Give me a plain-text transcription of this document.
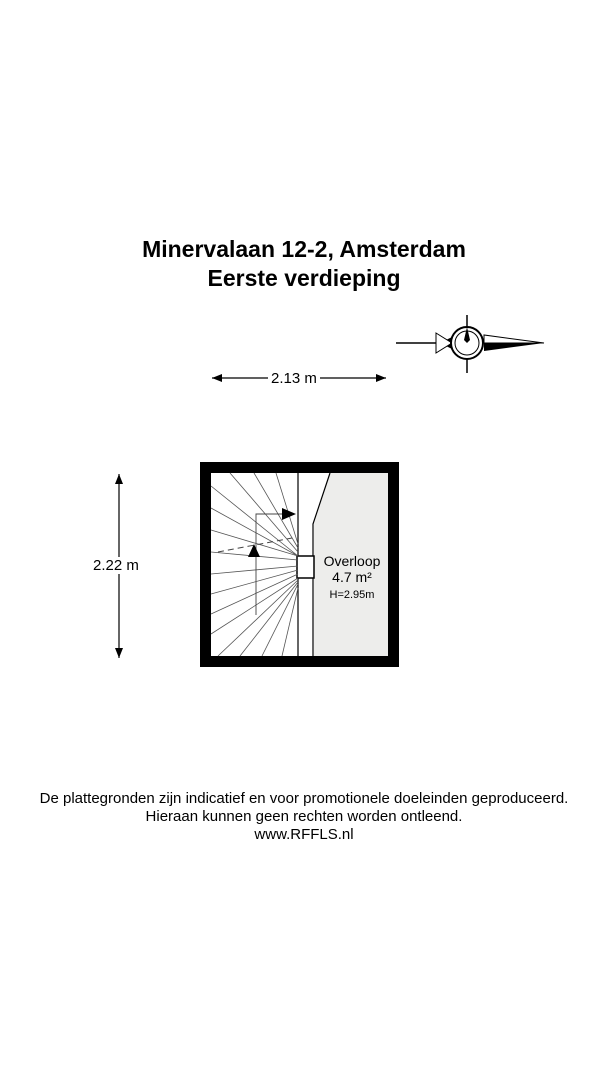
Minervalaan 12-2, Amsterdam
Eerste verdieping
2.13 m
2.22 m	Overloop
4.7 m²
H=2.95m
De plattegronden zijn indicatief en voor promotionele doeleinden geproduceerd.
Hieraan kunnen geen rechten worden ontleend.
www.RFFLS.nl
